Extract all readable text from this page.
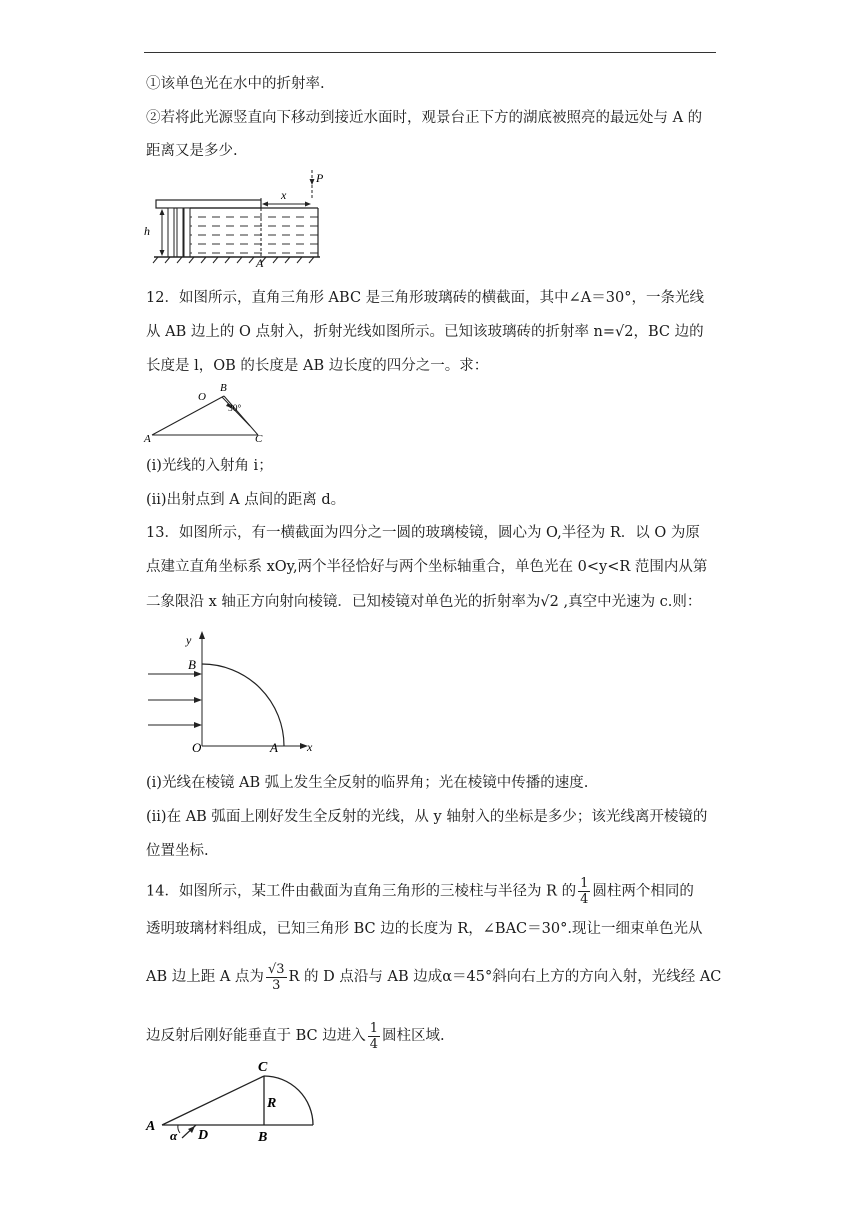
①该单色光在水中的折射率.
②若将此光源竖直向下移动到接近水面时，观景台正下方的湖底被照亮的最远处与 A 的
距离又是多少.
h
A
P
x
12．如图所示，直角三角形 ABC 是三角形玻璃砖的横截面，其中∠A＝30°，一条光线
从 AB 边上的 O 点射入，折射光线如图所示。已知该玻璃砖的折射率 n=√2，BC 边的
长度是 l，OB 的长度是 AB 边长度的四分之一。求：
A
B
C
O
30°
(ⅰ)光线的入射角 i；
(ⅱ)出射点到 A 点间的距离 d。
13．如图所示，有一横截面为四分之一圆的玻璃棱镜，圆心为 O,半径为 R．以 O 为原
点建立直角坐标系 xOy,两个半径恰好与两个坐标轴重合，单色光在 0<y<R 范围内从第
二象限沿 x 轴正方向射向棱镜．已知棱镜对单色光的折射率为√2 ,真空中光速为 c.则：
y
B
O	A x
(i)光线在棱镜 AB 弧上发生全反射的临界角；光在棱镜中传播的速度.
(ii)在 AB 弧面上刚好发生全反射的光线，从 y 轴射入的坐标是多少；该光线离开棱镜的
位置坐标.
14．如图所示，某工件由截面为直角三角形的三棱柱与半径为 R 的 $\frac{1}{4}$ 圆柱两个相同的
透明玻璃材料组成，已知三角形 BC 边的长度为 R，∠BAC＝30°.现让一细束单色光从
AB 边上距 A 点为 $\frac{√3}{3}$ R 的 D 点沿与 AB 边成α＝45°斜向右上方的方向入射，光线经 AC
边反射后刚好能垂直于 BC 边进入 $\frac{1}{4}$ 圆柱区域.
A
B
C
D
R
α
